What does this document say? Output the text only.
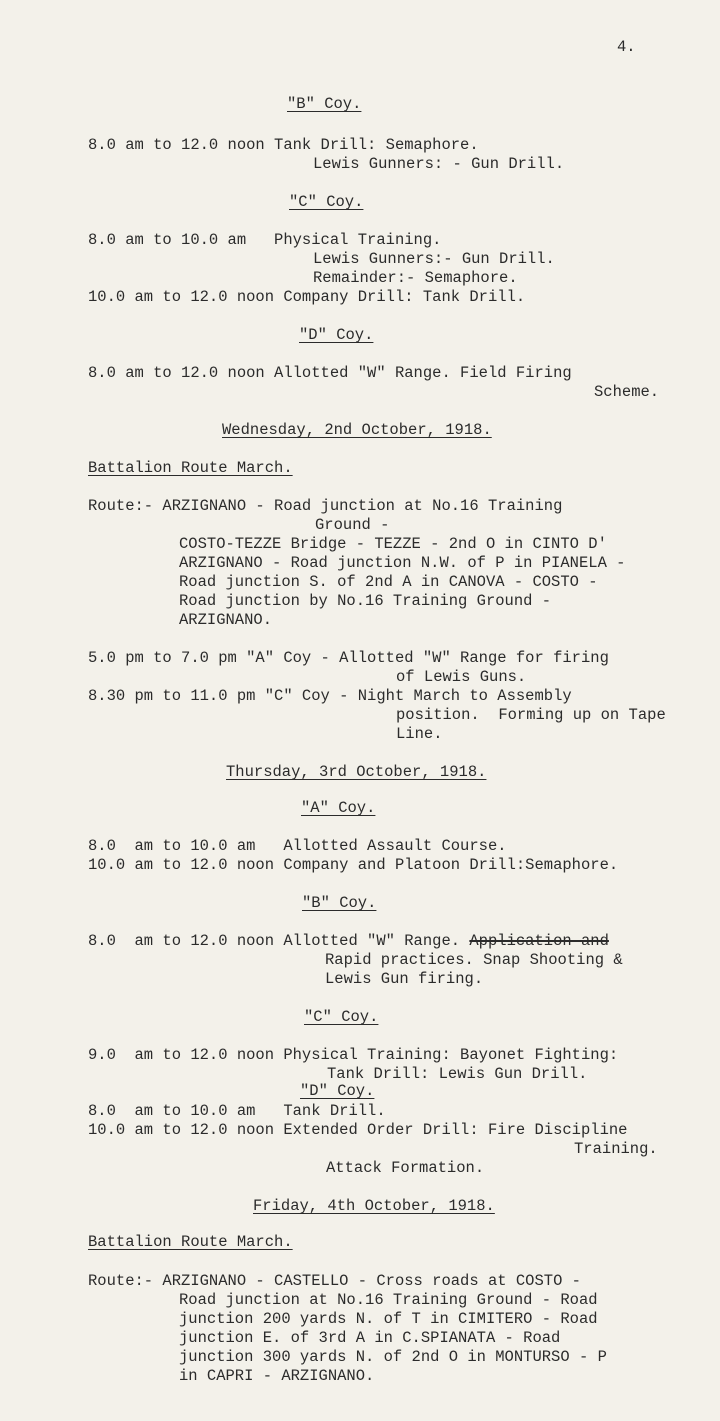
4.
"B" Coy.
8.0 am to 12.0 noon Tank Drill: Semaphore.
Lewis Gunners: - Gun Drill.
"C" Coy.
8.0 am to 10.0 am   Physical Training.
Lewis Gunners:- Gun Drill.
Remainder:- Semaphore.
10.0 am to 12.0 noon Company Drill: Tank Drill.
"D" Coy.
8.0 am to 12.0 noon Allotted "W" Range. Field Firing
Scheme.
Wednesday, 2nd October, 1918.
Battalion Route March.
Route:- ARZIGNANO - Road junction at No.16 Training
Ground -
COSTO-TEZZE Bridge - TEZZE - 2nd O in CINTO D'
ARZIGNANO - Road junction N.W. of P in PIANELA -
Road junction S. of 2nd A in CANOVA - COSTO -
Road junction by No.16 Training Ground -
ARZIGNANO.
5.0 pm to 7.0 pm "A" Coy - Allotted "W" Range for firing
of Lewis Guns.
8.30 pm to 11.0 pm "C" Coy - Night March to Assembly
position.  Forming up on Tape
Line.
Thursday, 3rd October, 1918.
"A" Coy.
8.0  am to 10.0 am   Allotted Assault Course.
10.0 am to 12.0 noon Company and Platoon Drill:Semaphore.
"B" Coy.
8.0  am to 12.0 noon Allotted "W" Range. Application and
Rapid practices. Snap Shooting &
Lewis Gun firing.
"C" Coy.
9.0  am to 12.0 noon Physical Training: Bayonet Fighting:
Tank Drill: Lewis Gun Drill.
"D" Coy.
8.0  am to 10.0 am   Tank Drill.
10.0 am to 12.0 noon Extended Order Drill: Fire Discipline
Training.
Attack Formation.
Friday, 4th October, 1918.
Battalion Route March.
Route:- ARZIGNANO - CASTELLO - Cross roads at COSTO -
Road junction at No.16 Training Ground - Road
junction 200 yards N. of T in CIMITERO - Road
junction E. of 3rd A in C.SPIANATA - Road
junction 300 yards N. of 2nd O in MONTURSO - P
in CAPRI - ARZIGNANO.
